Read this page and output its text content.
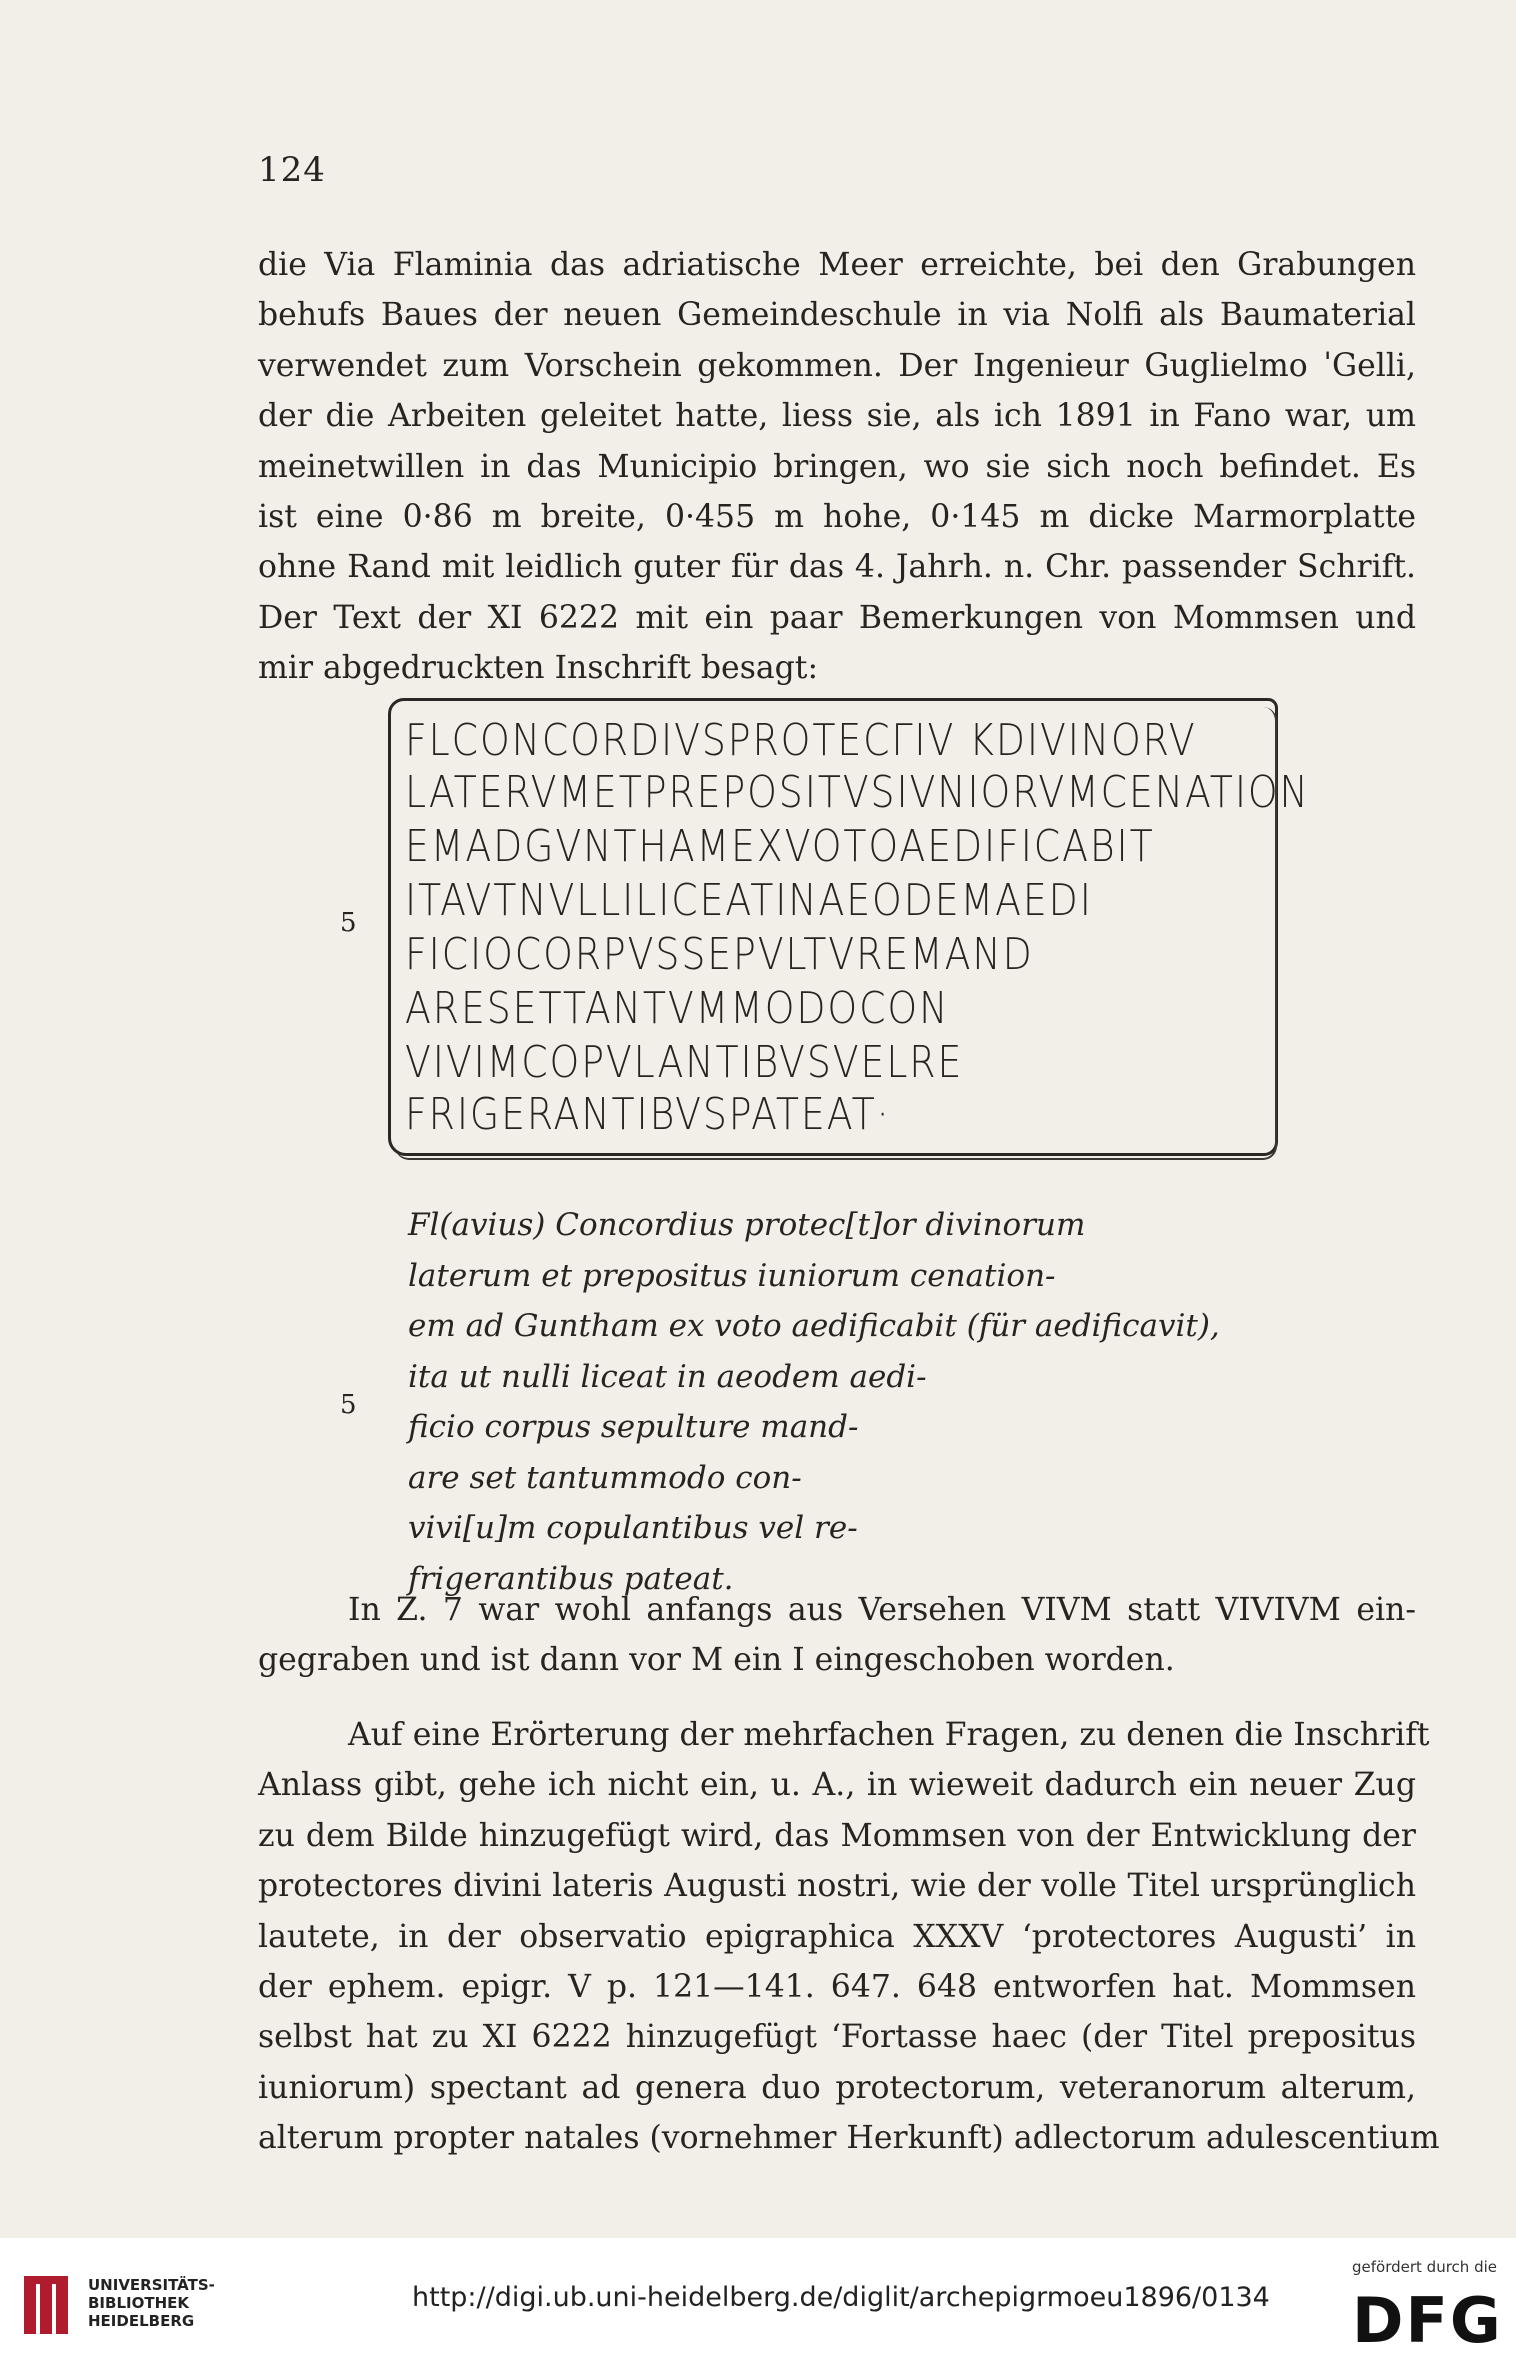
124
die Via Flaminia das adriatische Meer erreichte, bei den Grabungen
behufs Baues der neuen Gemeindeschule in via Nolfi als Baumaterial
verwendet zum Vorschein gekommen. Der Ingenieur Guglielmo ˈGelli,
der die Arbeiten geleitet hatte, liess sie, als ich 1891 in Fano war, um
meinetwillen in das Municipio bringen, wo sie sich noch befindet. Es
ist eine 0·86 m breite, 0·455 m hohe, 0·145 m dicke Marmorplatte
ohne Rand mit leidlich guter für das 4. Jahrh. n. Chr. passender Schrift.
Der Text der XI 6222 mit ein paar Bemerkungen von Mommsen und
mir abgedruckten Inschrift besagt:
FLCONCORDIVSPROTECΓIV KDIVINORV
LATERVMETPREPOSITVSIVNIORVMCENATION
EMADGVNTHAMEXVOTOAEDIFICABIT
ITAVTNVLLILICEATINAEODEMAEDI
FICIOCORPVSSEPVLTVREMAND
ARESETTANTVMMODOCON
VIVIMCOPVLANTIBVSVELRE
FRIGERANTIBVSPATEAT·
5
Fl(avius) Concordius protec[t]or divinorum
laterum et prepositus iuniorum cenation-
em ad Guntham ex voto aedificabit (für aedificavit),
ita ut nulli liceat in aeodem aedi-
ficio corpus sepulture mand-
are set tantummodo con-
vivi[u]m copulantibus vel re-
frigerantibus pateat.
5
In Z. 7 war wohl anfangs aus Versehen VIVM statt VIVIVM ein-
gegraben und ist dann vor M ein I eingeschoben worden.
Auf eine Erörterung der mehrfachen Fragen, zu denen die Inschrift
Anlass gibt, gehe ich nicht ein, u. A., in wieweit dadurch ein neuer Zug
zu dem Bilde hinzugefügt wird, das Mommsen von der Entwicklung der
protectores divini lateris Augusti nostri, wie der volle Titel ursprünglich
lautete, in der observatio epigraphica XXXV ‘protectores Augusti’ in
der ephem. epigr. V p. 121—141. 647. 648 entworfen hat. Mommsen
selbst hat zu XI 6222 hinzugefügt ‘Fortasse haec (der Titel prepositus
iuniorum) spectant ad genera duo protectorum, veteranorum alterum,
alterum propter natales (vornehmer Herkunft) adlectorum adulescentium
UNIVERSITÄTS-
BIBLIOTHEK
HEIDELBERG
http://digi.ub.uni-heidelberg.de/diglit/archepigrmoeu1896/0134
gefördert durch die
DFG
